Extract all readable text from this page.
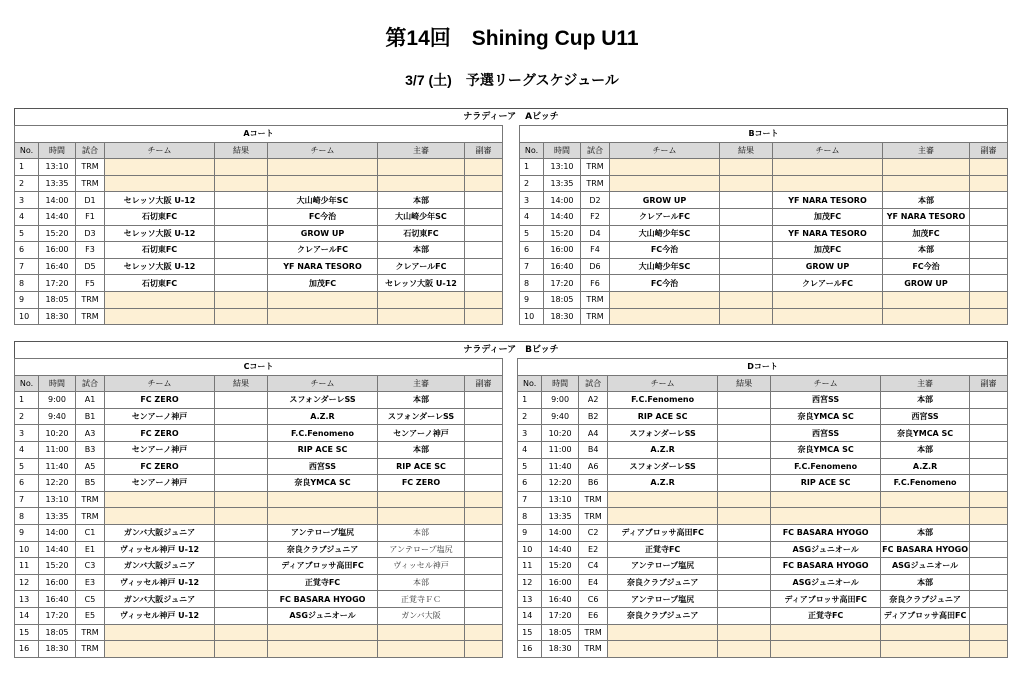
第14回　Shining Cup U11
3/7 (土)　予選リーグスケジュール
ナラディーア　Aビッチ
Aコート							
No.	時間	試合	チーム	結果	チーム	主審	副審
1	13:10	TRM					
2	13:35	TRM					
3	14:00	D1	セレッソ大阪 U-12		大山崎少年SC	本部	
4	14:40	F1	石切東FC		FC今治	大山崎少年SC	
5	15:20	D3	セレッソ大阪 U-12		GROW UP	石切東FC	
6	16:00	F3	石切東FC		クレアールFC	本部	
7	16:40	D5	セレッソ大阪 U-12		YF NARA TESORO	クレアールFC	
8	17:20	F5	石切東FC		加茂FC	セレッソ大阪 U-12	
9	18:05	TRM					
10	18:30	TRM					
Bコート							
No.	時間	試合	チーム	結果	チーム	主審	副審
1	13:10	TRM					
2	13:35	TRM					
3	14:00	D2	GROW UP		YF NARA TESORO	本部	
4	14:40	F2	クレアールFC		加茂FC	YF NARA TESORO	
5	15:20	D4	大山崎少年SC		YF NARA TESORO	加茂FC	
6	16:00	F4	FC今治		加茂FC	本部	
7	16:40	D6	大山崎少年SC		GROW UP	FC今治	
8	17:20	F6	FC今治		クレアールFC	GROW UP	
9	18:05	TRM					
10	18:30	TRM					
ナラディーア　Bビッチ
Cコート							
No.	時間	試合	チーム	結果	チーム	主審	副審
1	9:00	A1	FC ZERO		スフォンダーレSS	本部	
2	9:40	B1	センアーノ神戸		A.Z.R	スフォンダーレSS	
3	10:20	A3	FC ZERO		F.C.Fenomeno	センアーノ神戸	
4	11:00	B3	センアーノ神戸		RIP ACE SC	本部	
5	11:40	A5	FC ZERO		西宮SS	RIP ACE SC	
6	12:20	B5	センアーノ神戸		奈良YMCA SC	FC ZERO	
7	13:10	TRM					
8	13:35	TRM					
9	14:00	C1	ガンバ大阪ジュニア		アンテロープ塩尻	本部	
10	14:40	E1	ヴィッセル神戸 U-12		奈良クラブジュニア	アンテロープ塩尻	
11	15:20	C3	ガンバ大阪ジュニア		ディアブロッサ高田FC	ヴィッセル神戸	
12	16:00	E3	ヴィッセル神戸 U-12		正覚寺FC	本部	
13	16:40	C5	ガンバ大阪ジュニア		FC BASARA HYOGO	正覚寺ＦＣ	
14	17:20	E5	ヴィッセル神戸 U-12		ASGジュニオール	ガンバ大阪	
15	18:05	TRM					
16	18:30	TRM					
Dコート							
No.	時間	試合	チーム	結果	チーム	主審	副審
1	9:00	A2	F.C.Fenomeno		西宮SS	本部	
2	9:40	B2	RIP ACE SC		奈良YMCA SC	西宮SS	
3	10:20	A4	スフォンダーレSS		西宮SS	奈良YMCA SC	
4	11:00	B4	A.Z.R		奈良YMCA SC	本部	
5	11:40	A6	スフォンダーレSS		F.C.Fenomeno	A.Z.R	
6	12:20	B6	A.Z.R		RIP ACE SC	F.C.Fenomeno	
7	13:10	TRM					
8	13:35	TRM					
9	14:00	C2	ディアブロッサ高田FC		FC BASARA HYOGO	本部	
10	14:40	E2	正覚寺FC		ASGジュニオール	FC BASARA HYOGO	
11	15:20	C4	アンテロープ塩尻		FC BASARA HYOGO	ASGジュニオール	
12	16:00	E4	奈良クラブジュニア		ASGジュニオール	本部	
13	16:40	C6	アンテロープ塩尻		ディアブロッサ高田FC	奈良クラブジュニア	
14	17:20	E6	奈良クラブジュニア		正覚寺FC	ディアブロッサ高田FC	
15	18:05	TRM					
16	18:30	TRM					
